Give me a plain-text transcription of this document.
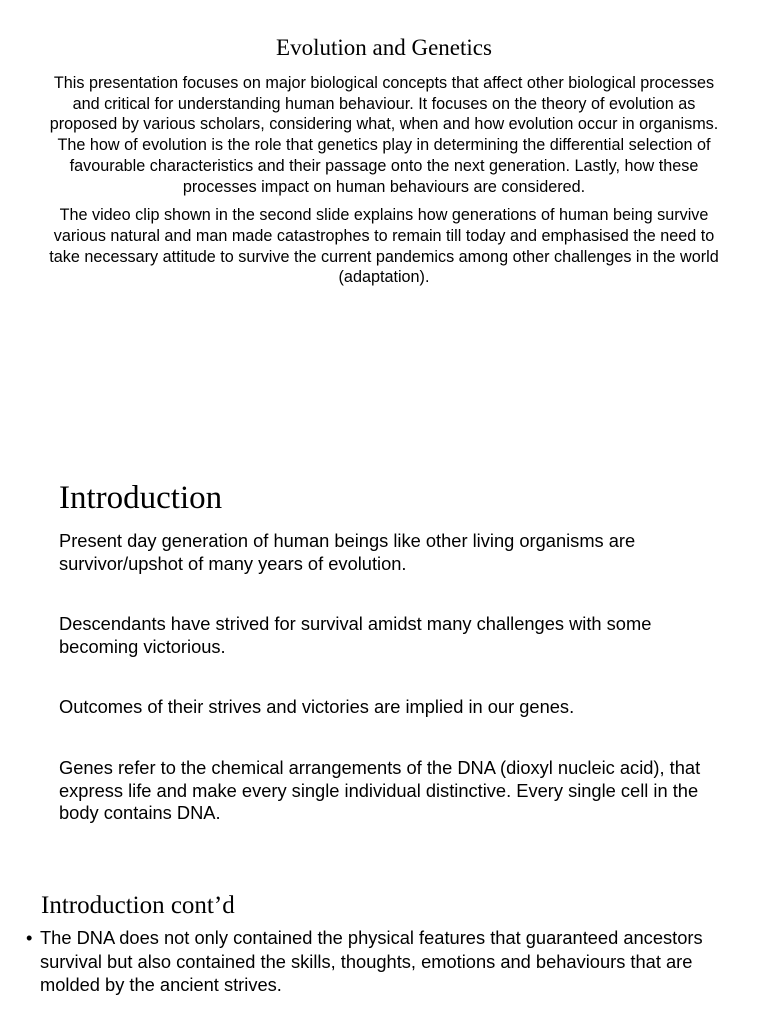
Evolution and Genetics

This presentation focuses on major biological concepts that affect other biological processes and critical for understanding human behaviour. It focuses on the theory of evolution as proposed by various scholars, considering what, when and how evolution occur in organisms. The how of evolution is the role that genetics play in determining the differential selection of favourable characteristics and their passage onto the next generation. Lastly, how these processes impact on human behaviours are considered.

The video clip shown in the second slide explains how generations of human being survive various natural and man made catastrophes to remain till today and emphasised the need to take necessary attitude to survive the current pandemics among other challenges in the world (adaptation).

Introduction

Present day generation of human beings like other living organisms are survivor/upshot of many years of evolution.

Descendants have strived for survival amidst many challenges with some becoming victorious.

Outcomes of their strives and victories are implied in our genes.

Genes refer to the chemical arrangements of the DNA (dioxyl nucleic acid), that express life and make every single individual distinctive. Every single cell in the body contains DNA.

Introduction cont’d
• The DNA does not only contained the physical features that guaranteed ancestors survival but also contained the skills, thoughts, emotions and behaviours that are molded by the ancient strives.
